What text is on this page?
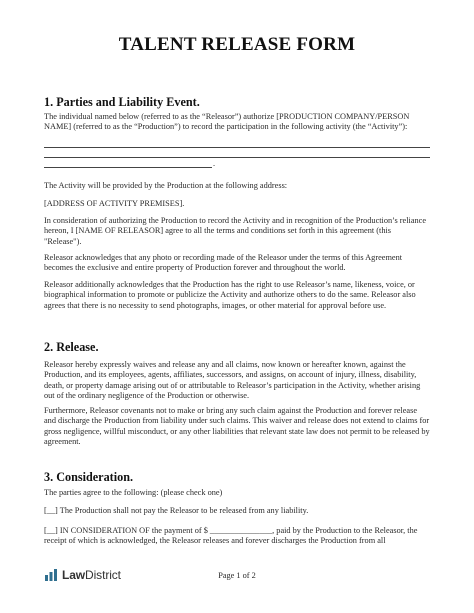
TALENT RELEASE FORM
1. Parties and Liability Event.
The individual named below (referred to as the “Releasor”) authorize [PRODUCTION COMPANY/PERSON NAME] (referred to as the “Production”) to record the participation in the following activity (the “Activity”):
.
The Activity will be provided by the Production at the following address:
[ADDRESS OF ACTIVITY PREMISES].
In consideration of authorizing the Production to record the Activity and in recognition of the Production’s reliance hereon, I [NAME OF RELEASOR] agree to all the terms and conditions set forth in this agreement (this "Release").
Releasor acknowledges that any photo or recording made of the Releasor under the terms of this Agreement becomes the exclusive and entire property of Production forever and throughout the world.
Releasor additionally acknowledges that the Production has the right to use Releasor’s name, likeness, voice, or biographical information to promote or publicize the Activity and authorize others to do the same. Releasor also agrees that there is no necessity to send photographs, images, or other material for approval before use.
2. Release.
Releasor hereby expressly waives and release any and all claims, now known or hereafter known, against the Production, and its employees, agents, affiliates, successors, and assigns, on account of injury, illness, disability, death, or property damage arising out of or attributable to Releasor’s participation in the Activity, whether arising out of the ordinary negligence of the Production or otherwise.
Furthermore, Releasor covenants not to make or bring any such claim against the Production and forever release and discharge the Production from liability under such claims. This waiver and release does not extend to claims for gross negligence, willful misconduct, or any other liabilities that relevant state law does not permit to be released by agreement.
3. Consideration.
The parties agree to the following: (please check one)
[__] The Production shall not pay the Releasor to be released from any liability.
[__] IN CONSIDERATION OF the payment of $ _______________, paid by the Production to the Releasor, the receipt of which is acknowledged, the Releasor releases and forever discharges the Production from all
LawDistrict	Page 1 of 2
